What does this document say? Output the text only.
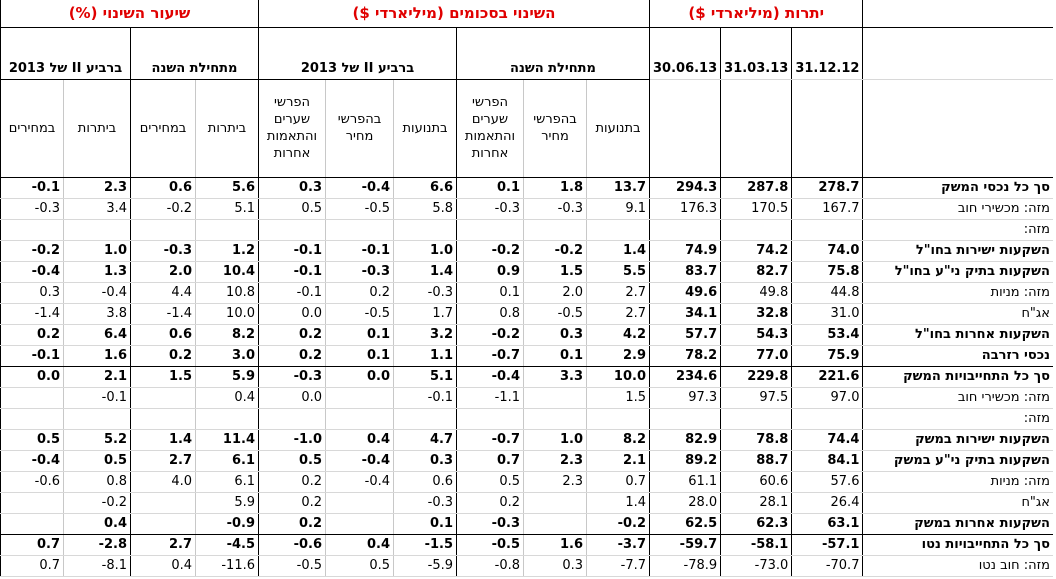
שיעור השינוי (%)				השינוי בסכומים (מיליארדי $)						יתרות (מיליארדי $)			
ברביע II של 2013		מתחילת השנה		ברביע II של 2013			מתחילת השנה			30.06.13	31.03.13	31.12.12	
במחירים	ביתרות	במחירים	ביתרות	הפרשי שערים והתאמות אחרות	בהפרשי מחיר	בתנועות	הפרשי שערים והתאמות אחרות	בהפרשי מחיר	בתנועות				
-0.1	2.3	0.6	5.6	0.3	-0.4	6.6	0.1	1.8	13.7	294.3	287.8	278.7	סך כל נכסי המשק
-0.3	3.4	-0.2	5.1	0.5	-0.5	5.8	-0.3	-0.3	9.1	176.3	170.5	167.7	מזה: מכשירי חוב
													מזה:
-0.2	1.0	-0.3	1.2	-0.1	-0.1	1.0	-0.2	-0.2	1.4	74.9	74.2	74.0	השקעות ישירות בחו"ל
-0.4	1.3	2.0	10.4	-0.1	-0.3	1.4	0.9	1.5	5.5	83.7	82.7	75.8	השקעות בתיק ני"ע בחו"ל
0.3	-0.4	4.4	10.8	-0.1	0.2	-0.3	0.1	2.0	2.7	49.6	49.8	44.8	מזה: מניות
-1.4	3.8	-1.4	10.0	0.0	-0.5	1.7	0.8	-0.5	2.7	34.1	32.8	31.0	אג"ח
0.2	6.4	0.6	8.2	0.2	0.1	3.2	-0.2	0.3	4.2	57.7	54.3	53.4	השקעות אחרות בחו"ל
-0.1	1.6	0.2	3.0	0.2	0.1	1.1	-0.7	0.1	2.9	78.2	77.0	75.9	נכסי רזרבה
0.0	2.1	1.5	5.9	-0.3	0.0	5.1	-0.4	3.3	10.0	234.6	229.8	221.6	סך כל התחייבויות המשק
	-0.1		0.4	0.0		-0.1	-1.1		1.5	97.3	97.5	97.0	מזה: מכשירי חוב
													מזה:
0.5	5.2	1.4	11.4	-1.0	0.4	4.7	-0.7	1.0	8.2	82.9	78.8	74.4	השקעות ישירות במשק
-0.4	0.5	2.7	6.1	0.5	-0.4	0.3	0.7	2.3	2.1	89.2	88.7	84.1	השקעות בתיק ני"ע במשק
-0.6	0.8	4.0	6.1	0.2	-0.4	0.6	0.5	2.3	0.7	61.1	60.6	57.6	מזה: מניות
	-0.2		5.9	0.2		-0.3	0.2		1.4	28.0	28.1	26.4	אג"ח
	0.4		-0.9	0.2		0.1	-0.3		-0.2	62.5	62.3	63.1	השקעות אחרות במשק
0.7	-2.8	2.7	-4.5	-0.6	0.4	-1.5	-0.5	1.6	-3.7	-59.7	-58.1	-57.1	סך כל התחייבויות נטו
0.7	-8.1	0.4	-11.6	-0.5	0.5	-5.9	-0.8	0.3	-7.7	-78.9	-73.0	-70.7	מזה: חוב נטו
